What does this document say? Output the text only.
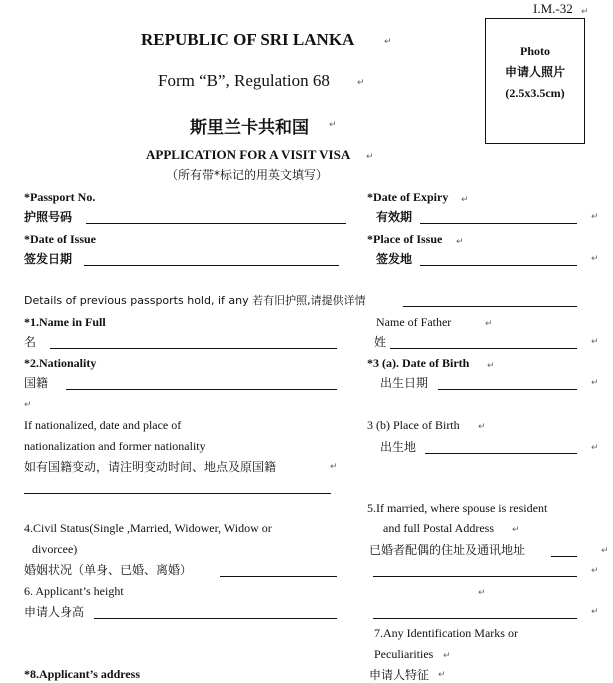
I.M.-32
REPUBLIC OF SRI LANKA
Form “B”, Regulation 68
斯里兰卡共和国
APPLICATION FOR A VISIT VISA
（所有带*标记的用英文填写）
Photo
申请人照片
(2.5x3.5cm)
*Passport No.
护照号码
*Date of Expiry
有效期
*Date of Issue
签发日期
*Place of Issue
签发地
Details of previous passports hold, if any 若有旧护照,请提供详情
*1.Name in Full
名
Name of Father
姓
*2.Nationality
国籍
*3 (a). Date of Birth
出生日期
If nationalized, date and place of
nationalization and former nationality
如有国籍变动，请注明变动时间、地点及原国籍
3 (b) Place of Birth
出生地
5.If married, where spouse is resident
and full Postal Address
已婚者配偶的住址及通讯地址
4.Civil Status(Single ,Married, Widower, Widow or
divorcee)
婚姻状况（单身、已婚、离婚）
6. Applicant’s height
申请人身高
7.Any Identification Marks or
Peculiarities
申请人特征
*8.Applicant’s address
↵
↵
↵
↵
↵
↵
↵
↵
↵
↵
↵
↵
↵
↵
↵
↵
↵
↵
↵
↵
↵
↵
↵
↵
